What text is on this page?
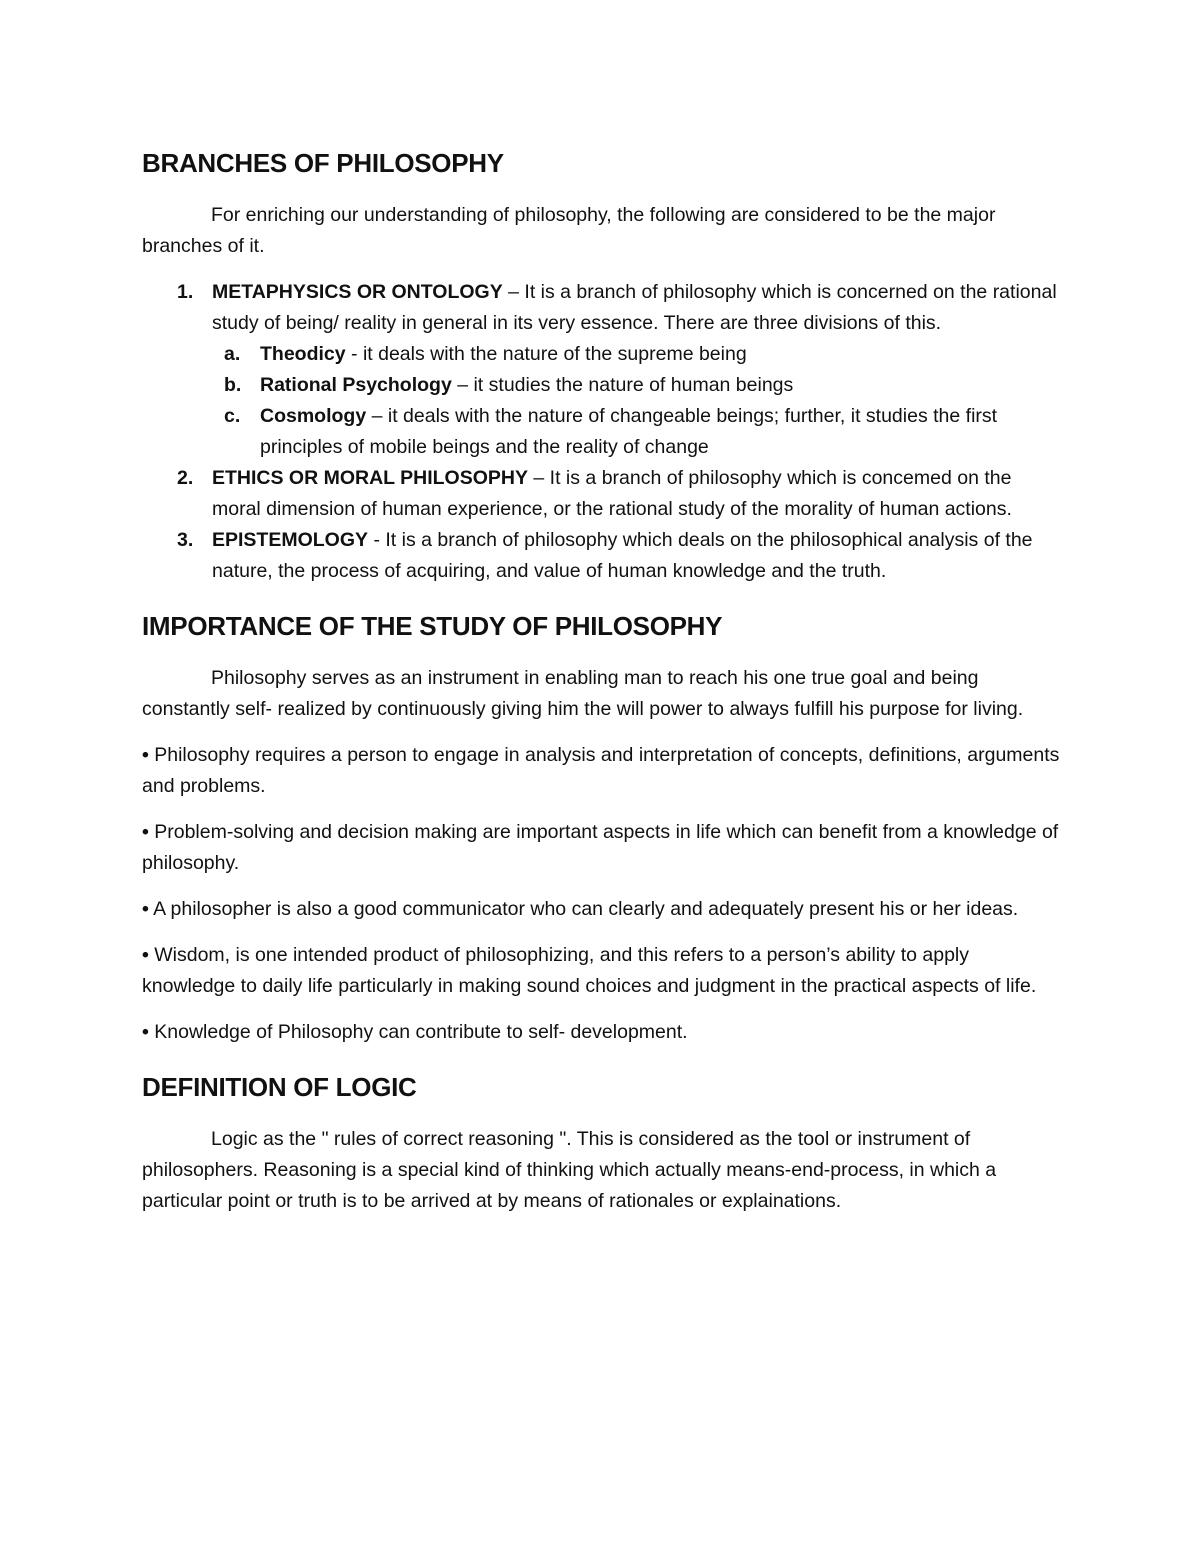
BRANCHES OF PHILOSOPHY

For enriching our understanding of philosophy, the following are considered to be the major branches of it.

1. METAPHYSICS OR ONTOLOGY – It is a branch of philosophy which is concerned on the rational study of being/ reality in general in its very essence. There are three divisions of this.
a. Theodicy - it deals with the nature of the supreme being
b. Rational Psychology – it studies the nature of human beings
c. Cosmology – it deals with the nature of changeable beings; further, it studies the first principles of mobile beings and the reality of change
2. ETHICS OR MORAL PHILOSOPHY – It is a branch of philosophy which is concemed on the moral dimension of human experience, or the rational study of the morality of human actions.
3. EPISTEMOLOGY - It is a branch of philosophy which deals on the philosophical analysis of the nature, the process of acquiring, and value of human knowledge and the truth.
IMPORTANCE OF THE STUDY OF PHILOSOPHY

Philosophy serves as an instrument in enabling man to reach his one true goal and being constantly self- realized by continuously giving him the will power to always fulfill his purpose for living.

• Philosophy requires a person to engage in analysis and interpretation of concepts, definitions, arguments and problems.

• Problem-solving and decision making are important aspects in life which can benefit from a knowledge of philosophy.

• A philosopher is also a good communicator who can clearly and adequately present his or her ideas.

• Wisdom, is one intended product of philosophizing, and this refers to a person’s ability to apply knowledge to daily life particularly in making sound choices and judgment in the practical aspects of life.

• Knowledge of Philosophy can contribute to self- development.

DEFINITION OF LOGIC

Logic as the " rules of correct reasoning ". This is considered as the tool or instrument of philosophers. Reasoning is a special kind of thinking which actually means-end-process, in which a particular point or truth is to be arrived at by means of rationales or explainations.
